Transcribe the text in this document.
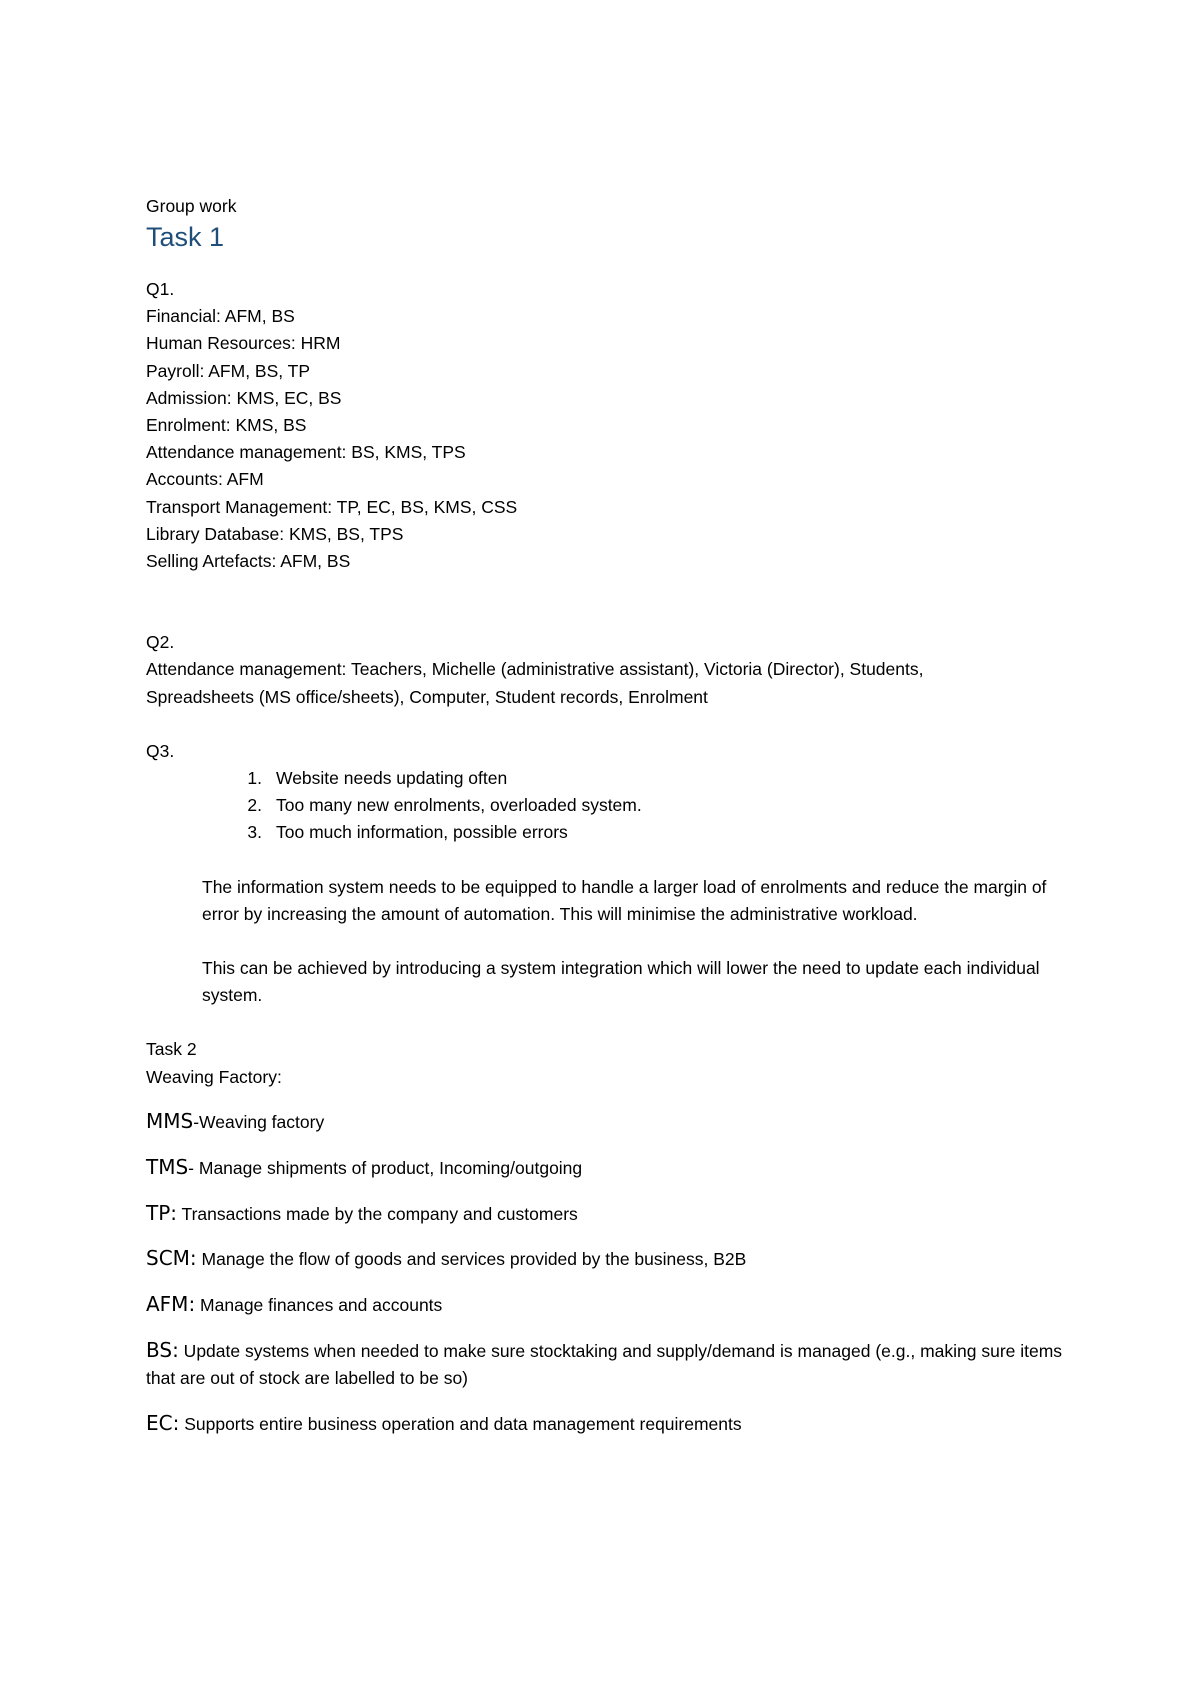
Group work

Task 1

Q1.

Financial: AFM, BS

Human Resources: HRM

Payroll: AFM, BS, TP

Admission: KMS, EC, BS

Enrolment: KMS, BS

Attendance management: BS, KMS, TPS

Accounts: AFM

Transport Management: TP, EC, BS, KMS, CSS

Library Database: KMS, BS, TPS

Selling Artefacts: AFM, BS

Q2.

Attendance management: Teachers, Michelle (administrative assistant), Victoria (Director), Students,

Spreadsheets (MS office/sheets), Computer, Student records, Enrolment

Q3.

1. Website needs updating often
2. Too many new enrolments, overloaded system.
3. Too much information, possible errors

The information system needs to be equipped to handle a larger load of enrolments and reduce the margin of error by increasing the amount of automation. This will minimise the administrative workload.

This can be achieved by introducing a system integration which will lower the need to update each individual system.

Task 2

Weaving Factory:

MMS-Weaving factory

TMS- Manage shipments of product, Incoming/outgoing

TP: Transactions made by the company and customers

SCM: Manage the flow of goods and services provided by the business, B2B

AFM: Manage finances and accounts

BS: Update systems when needed to make sure stocktaking and supply/demand is managed (e.g., making sure items that are out of stock are labelled to be so)

EC: Supports entire business operation and data management requirements
